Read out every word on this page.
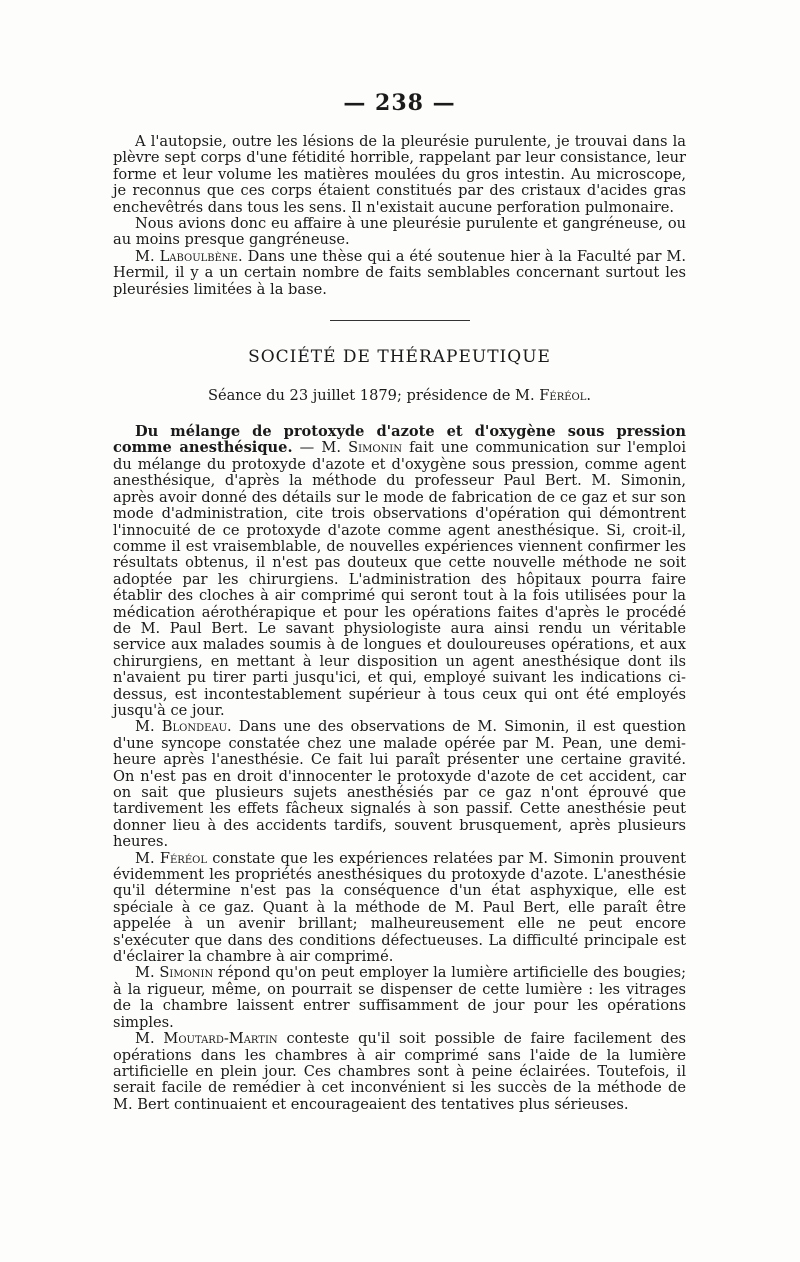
— 238 —

A l'autopsie, outre les lésions de la pleurésie purulente, je trouvai dans la plèvre sept corps d'une fétidité horrible, rappelant par leur consistance, leur forme et leur volume les matières moulées du gros intestin. Au microscope, je reconnus que ces corps étaient constitués par des cristaux d'acides gras enchevêtrés dans tous les sens. Il n'existait aucune perforation pulmonaire.

Nous avions donc eu affaire à une pleurésie purulente et gangréneuse, ou au moins presque gangréneuse.

M. Laboulbène. Dans une thèse qui a été soutenue hier à la Faculté par M. Hermil, il y a un certain nombre de faits semblables concernant surtout les pleurésies limitées à la base.

SOCIÉTÉ DE THÉRAPEUTIQUE
Séance du 23 juillet 1879; présidence de M. Féréol.

Du mélange de protoxyde d'azote et d'oxygène sous pression comme anesthésique. — M. Simonin fait une communication sur l'emploi du mélange du protoxyde d'azote et d'oxygène sous pression, comme agent anesthésique, d'après la méthode du professeur Paul Bert. M. Simonin, après avoir donné des détails sur le mode de fabrication de ce gaz et sur son mode d'administration, cite trois observations d'opération qui démontrent l'innocuité de ce protoxyde d'azote comme agent anesthésique. Si, croit-il, comme il est vraisemblable, de nouvelles expériences viennent confirmer les résultats obtenus, il n'est pas douteux que cette nouvelle méthode ne soit adoptée par les chirurgiens. L'administration des hôpitaux pourra faire établir des cloches à air comprimé qui seront tout à la fois utilisées pour la médication aérothérapique et pour les opérations faites d'après le procédé de M. Paul Bert. Le savant physiologiste aura ainsi rendu un véritable service aux malades soumis à de longues et douloureuses opérations, et aux chirurgiens, en mettant à leur disposition un agent anesthésique dont ils n'avaient pu tirer parti jusqu'ici, et qui, employé suivant les indications ci-dessus, est incontestablement supérieur à tous ceux qui ont été employés jusqu'à ce jour.

M. Blondeau. Dans une des observations de M. Simonin, il est question d'une syncope constatée chez une malade opérée par M. Pean, une demi-heure après l'anesthésie. Ce fait lui paraît présenter une certaine gravité. On n'est pas en droit d'innocenter le protoxyde d'azote de cet accident, car on sait que plusieurs sujets anesthésiés par ce gaz n'ont éprouvé que tardivement les effets fâcheux signalés à son passif. Cette anesthésie peut donner lieu à des accidents tardifs, souvent brusquement, après plusieurs heures.

M. Féréol constate que les expériences relatées par M. Simonin prouvent évidemment les propriétés anesthésiques du protoxyde d'azote. L'anesthésie qu'il détermine n'est pas la conséquence d'un état asphyxique, elle est spéciale à ce gaz. Quant à la méthode de M. Paul Bert, elle paraît être appelée à un avenir brillant; malheureusement elle ne peut encore s'exécuter que dans des conditions défectueuses. La difficulté principale est d'éclairer la chambre à air comprimé.

M. Simonin répond qu'on peut employer la lumière artificielle des bougies; à la rigueur, même, on pourrait se dispenser de cette lumière : les vitrages de la chambre laissent entrer suffisamment de jour pour les opérations simples.

M. Moutard-Martin conteste qu'il soit possible de faire facilement des opérations dans les chambres à air comprimé sans l'aide de la lumière artificielle en plein jour. Ces chambres sont à peine éclairées. Toutefois, il serait facile de remédier à cet inconvénient si les succès de la méthode de M. Bert continuaient et encourageaient des tentatives plus sérieuses.
